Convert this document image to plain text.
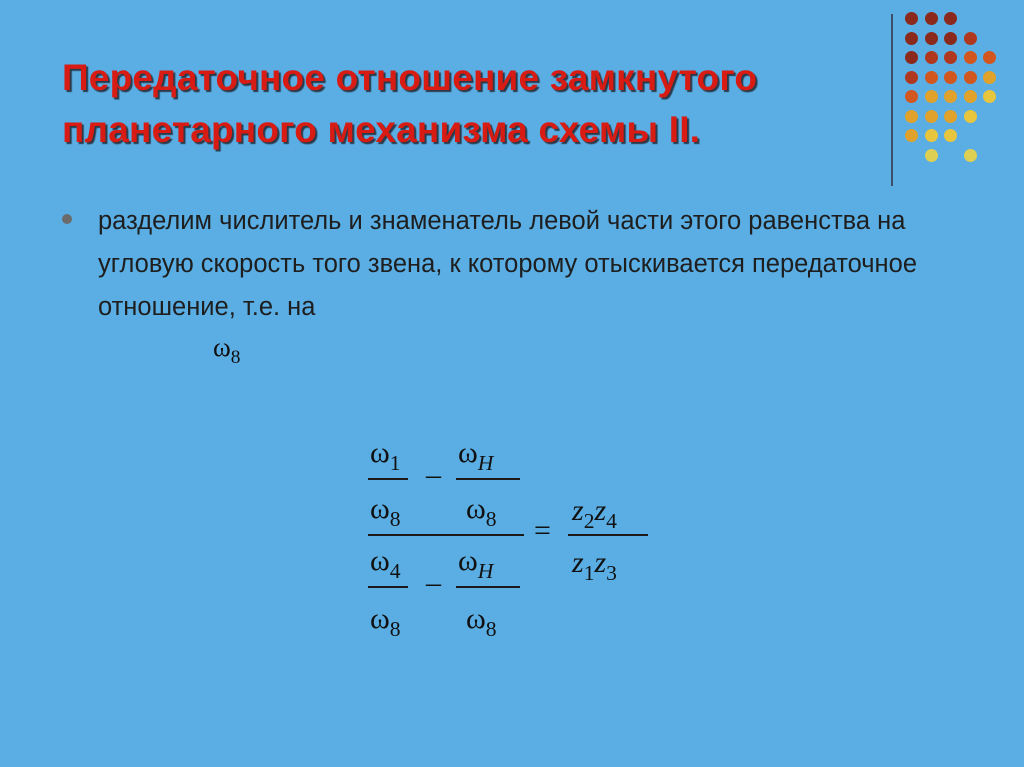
Передаточное отношение замкнутого
планетарного механизма схемы II.
разделим числитель и знаменатель левой части этого равенства на угловую скорость того звена, к которому отыскивается передаточное отношение, т.е. на
$\omega_8$
$\omega_1$
$\omega_8$
–
$\omega_H$
$\omega_8$
$\omega_4$
$\omega_8$
–
$\omega_H$
$\omega_8$
=
$z_2z_4$
$z_1z_3$
